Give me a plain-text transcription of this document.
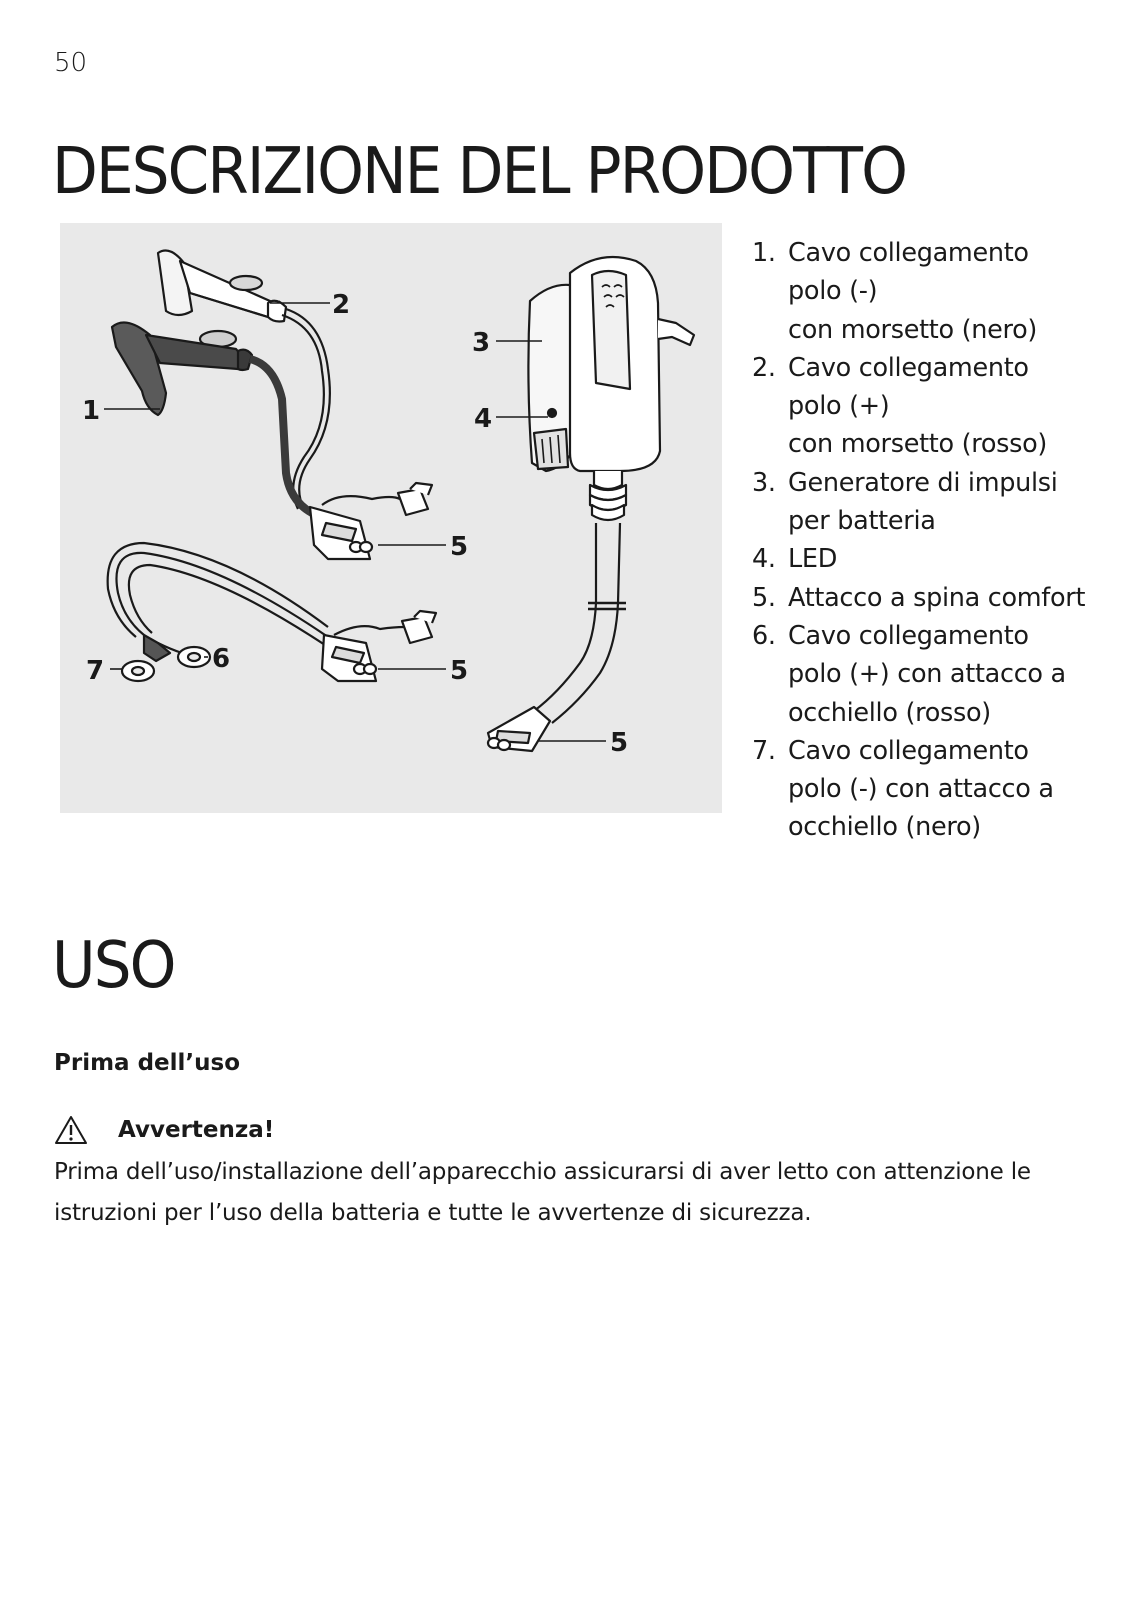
50
DESCRIZIONE DEL PRODOTTO
2
1
3
4
5
5
5
6
7
1. Cavo collegamento
polo (-)
con morsetto (nero)
2. Cavo collegamento
polo (+)
con morsetto (rosso)
3. Generatore di impulsi
per batteria
4. LED
5. Attacco a spina comfort
6. Cavo collegamento
polo (+) con attacco a
occhiello (rosso)
7. Cavo collegamento
polo (-) con attacco a
occhiello (nero)
USO
Prima dell’uso
Avvertenza!

Prima dell’uso/installazione dell’apparecchio assicurarsi di aver letto con attenzione le istruzioni per l’uso della batteria e tutte le avvertenze di sicurezza.
